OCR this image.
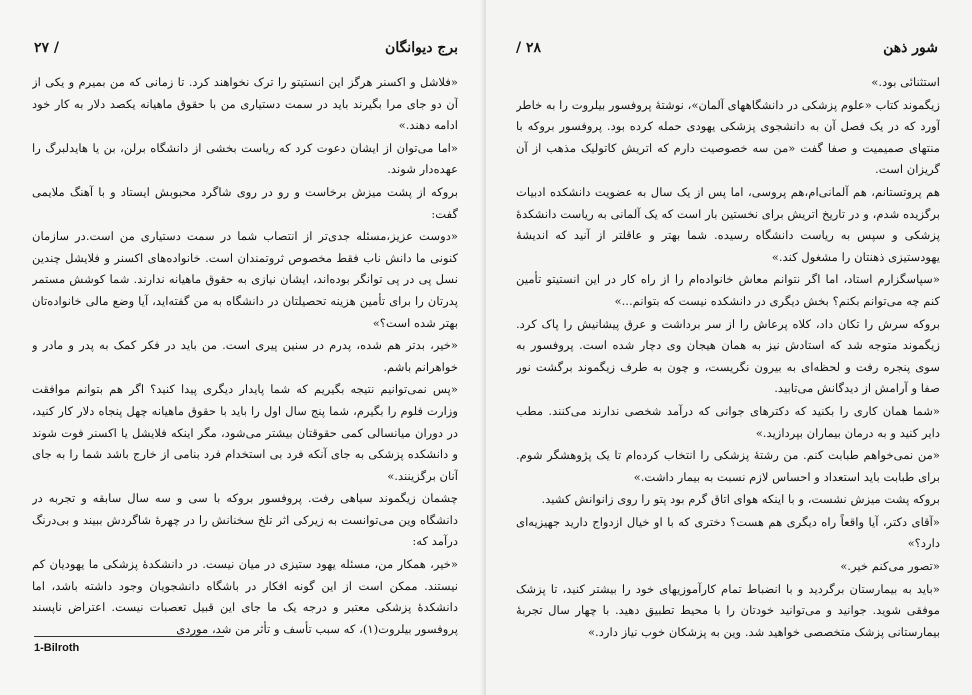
برج دیوانگان
/ ۲۷

«فلاشل و اکسنر هرگز این انستیتو را ترک نخواهند کرد. تا زمانی که من بمیرم و یکی از آن دو جای مرا بگیرند باید در سمت دستیاری من با حقوق ماهیانه یکصد دلار به کار خود ادامه دهند.»

«اما می‌توان از ایشان دعوت کرد که ریاست بخشی از دانشگاه برلن، بن یا هایدلبرگ را عهده‌دار شوند.

بروکه از پشت میزش برخاست و رو در روی شاگرد محبوبش ایستاد و با آهنگ ملایمی گفت:

«دوست عزیز،مسئله جدی‌تر از انتصاب شما در سمت دستیاری من است.در سازمان کنونی ما دانش ناب فقط مخصوص ثروتمندان است. خانواده‌های اکسنر و فلایشل چندین نسل پی در پی توانگر بوده‌اند، ایشان نیازی به حقوق ماهیانه ندارند. شما کوشش مستمر پدرتان را برای تأمین هزینه تحصیلتان در دانشگاه به من گفته‌اید، آیا وضع مالی خانواده‌تان بهتر شده است؟»

«خیر، بدتر هم شده، پدرم در سنین پیری است. من باید در فکر کمک به پدر و مادر و خواهرانم باشم.

«پس نمی‌توانیم نتیجه بگیریم که شما پایدار دیگری پیدا کنید؟ اگر هم بتوانم موافقت وزارت فلوم را بگیرم، شما پنج سال اول را باید با حقوق ماهیانه چهل پنجاه دلار کار کنید، در دوران میانسالی کمی حقوقتان بیشتر می‌شود، مگر اینکه فلایشل یا اکسنر فوت شوند و دانشکده پزشکی به جای آنکه فرد بی استخدام فرد بنامی از خارج باشد شما را به جای آنان برگزینند.»

چشمان زیگموند سیاهی رفت. پروفسور بروکه با سی و سه سال سابقه و تجربه در دانشگاه وین می‌توانست به زیرکی اثر تلخ سخنانش را در چهرهٔ شاگردش ببیند و بی‌درنگ درآمد که:

«خیر، همکار من، مسئله یهود ستیزی در میان نیست. در دانشکدهٔ پزشکی ما یهودیان کم نیستند. ممکن است از این گونه افکار در باشگاه دانشجویان وجود داشته باشد، اما دانشکدهٔ پزشکی معتبر و درجه یک ما جای این قبیل تعصبات نیست. اعتراض ناپسند پروفسور بیلروت(۱)، که سبب تأسف و تأثر من شد، موردی

1-Bilroth
شور ذهن
۲۸ /

استثنائی بود.»

زیگموند کتاب «علوم پزشکی در دانشگاههای آلمان»، نوشتهٔ پروفسور بیلروت را به خاطر آورد که در یک فصل آن به دانشجوی پزشکی یهودی حمله کرده بود. پروفسور بروکه با منتهای صمیمیت و صفا گفت «من سه خصوصیت دارم که اتریش کاتولیک مذهب از آن گریزان است.

هم پروتستانم، هم آلمانی‌ام،هم پروسی، اما پس از یک سال به عضویت دانشکده ادبیات برگزیده شدم، و در تاریخ اتریش برای نخستین بار است که یک آلمانی به ریاست دانشکدهٔ پزشکی و سپس به ریاست دانشگاه رسیده. شما بهتر و عاقلتر از آنید که اندیشهٔ یهودستیزی ذهنتان را مشغول کند.»

«سپاسگزارم استاد، اما اگر نتوانم معاش خانواده‌ام را از راه کار در این انستیتو تأمین کنم چه می‌توانم بکنم؟ بخش دیگری در دانشکده نیست که بتوانم...»

بروکه سرش را تکان داد، کلاه پرعاش را از سر برداشت و عرق پیشانیش را پاک کرد. زیگموند متوجه شد که استادش نیز به همان هیجان وی دچار شده است. پروفسور به سوی پنجره رفت و لحظه‌ای به بیرون نگریست، و چون به طرف زیگموند برگشت نور صفا و آرامش از دیدگانش می‌تابید.

«شما همان کاری را بکنید که دکترهای جوانی که درآمد شخصی ندارند می‌کنند. مطب دایر کنید و به درمان بیماران بپردازید.»

«من نمی‌خواهم طبابت کنم. من رشتهٔ پزشکی را انتخاب کرده‌ام تا یک پژوهشگر شوم. برای طبابت باید استعداد و احساس لازم نسبت به بیمار داشت.»

بروکه پشت میزش نشست، و با اینکه هوای اتاق گرم بود پتو را روی زانوانش کشید.

«آقای دکتر، آیا واقعاً راه دیگری هم هست؟ دختری که با او خیال ازدواج دارید جهیزیه‌ای دارد؟»

«تصور می‌کنم خیر.»

«باید به بیمارستان برگردید و با انضباط تمام کارآموزیهای خود را بیشتر کنید، تا پزشک موفقی شوید. جوانید و می‌توانید خودتان را با محیط تطبیق دهید. با چهار سال تجربهٔ بیمارستانی پزشک متخصصی خواهید شد. وین به پزشکان خوب نیاز دارد.»
